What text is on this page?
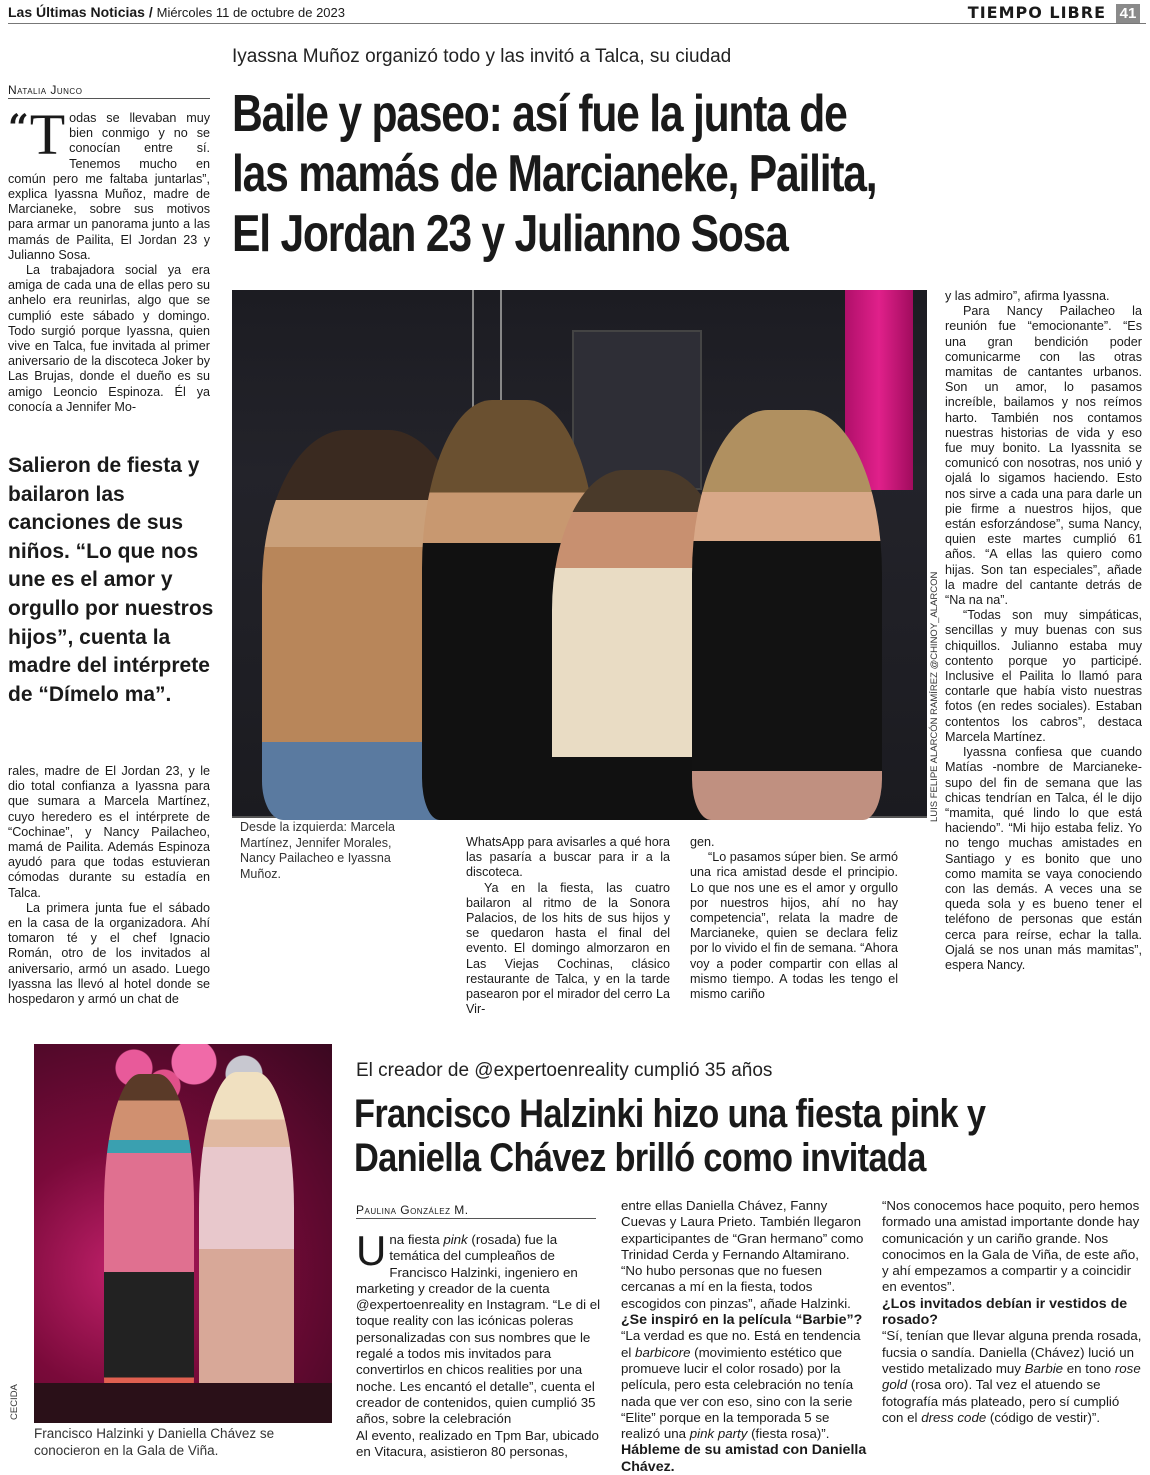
Las Últimas Noticias / Miércoles 11 de octubre de 2023	TIEMPO LIBRE 41
Iyassna Muñoz organizó todo y las invitó a Talca, su ciudad
Baile y paseo: así fue la junta de
las mamás de Marcianeke, Pailita,
El Jordan 23 y Julianno Sosa
Natalia Junco

“ T odas se llevaban muy bien conmigo y no se conocían entre sí. Tenemos mucho en común pero me faltaba juntarlas”, explica Iyassna Muñoz, madre de Marcianeke, sobre sus motivos para armar un panorama junto a las mamás de Pailita, El Jordan 23 y Julianno Sosa.

La trabajadora social ya era amiga de cada una de ellas pero su anhelo era reunirlas, algo que se cumplió este sábado y domingo. Todo surgió porque Iyassna, quien vive en Talca, fue invitada al primer aniversario de la discoteca Joker by Las Brujas, donde el dueño es su amigo Leoncio Espinoza. Él ya conocía a Jennifer Mo-

Salieron de fiesta y bailaron las canciones de sus niños. “Lo que nos une es el amor y orgullo por nuestros hijos”, cuenta la madre del intérprete de “Dímelo ma”.

rales, madre de El Jordan 23, y le dio total confianza a Iyassna para que sumara a Marcela Martínez, cuyo heredero es el intérprete de “Cochinae”, y Nancy Pailacheo, mamá de Pailita. Además Espinoza ayudó para que todas estuvieran cómodas durante su estadía en Talca.

La primera junta fue el sábado en la casa de la organizadora. Ahí tomaron té y el chef Ignacio Román, otro de los invitados al aniversario, armó un asado. Luego Iyassna las llevó al hotel donde se hospedaron y armó un chat de

LUIS FELIPE ALARCÓN RAMÍREZ @CHINOY_ALARCON
Desde la izquierda: Marcela Martínez, Jennifer Morales, Nancy Pailacheo e Iyassna Muñoz.

WhatsApp para avisarles a qué hora las pasaría a buscar para ir a la discoteca.

Ya en la fiesta, las cuatro bailaron al ritmo de la Sonora Palacios, de los hits de sus hijos y se quedaron hasta el final del evento. El domingo almorzaron en Las Viejas Cochinas, clásico restaurante de Talca, y en la tarde pasearon por el mirador del cerro La Vir-

gen.

“Lo pasamos súper bien. Se armó una rica amistad desde el principio. Lo que nos une es el amor y orgullo por nuestros hijos, ahí no hay competencia”, relata la madre de Marcianeke, quien se declara feliz por lo vivido el fin de semana. “Ahora voy a poder compartir con ellas al mismo tiempo. A todas les tengo el mismo cariño

y las admiro”, afirma Iyassna.

Para Nancy Pailacheo la reunión fue “emocionante”. “Es una gran bendición poder comunicarme con las otras mamitas de cantantes urbanos. Son un amor, lo pasamos increíble, bailamos y nos reímos harto. También nos contamos nuestras historias de vida y eso fue muy bonito. La Iyassnita se comunicó con nosotras, nos unió y ojalá lo sigamos haciendo. Esto nos sirve a cada una para darle un pie firme a nuestros hijos, que están esforzándose”, suma Nancy, quien este martes cumplió 61 años. “A ellas las quiero como hijas. Son tan especiales”, añade la madre del cantante detrás de “Na na na”.

“Todas son muy simpáticas, sencillas y muy buenas con sus chiquillos. Julianno estaba muy contento porque yo participé. Inclusive el Pailita lo llamó para contarle que había visto nuestras fotos (en redes sociales). Estaban contentos los cabros”, destaca Marcela Martínez.

Iyassna confiesa que cuando Matías -nombre de Marcianeke- supo del fin de semana que las chicas tendrían en Talca, él le dijo “mamita, qué lindo lo que está haciendo”. “Mi hijo estaba feliz. Yo no tengo muchas amistades en Santiago y es bonito que uno como mamita se vaya conociendo con las demás. A veces una se queda sola y es bueno tener el teléfono de personas que están cerca para reírse, echar la talla. Ojalá se nos unan más mamitas”, espera Nancy.

CECIDA
Francisco Halzinki y Daniella Chávez se conocieron en la Gala de Viña.
El creador de @expertoenreality cumplió 35 años
Francisco Halzinki hizo una fiesta pink y
Daniella Chávez brilló como invitada
Paulina González M.

Una fiesta pink (rosada) fue la temática del cumpleaños de Francisco Halzinki, ingeniero en marketing y creador de la cuenta @expertoenreality en Instagram. “Le di el toque reality con las icónicas poleras personalizadas con sus nombres que le regalé a todos mis invitados para convertirlos en chicos realities por una noche. Les encantó el detalle”, cuenta el creador de contenidos, quien cumplió 35 años, sobre la celebración

Al evento, realizado en Tpm Bar, ubicado en Vitacura, asistieron 80 personas,

entre ellas Daniella Chávez, Fanny Cuevas y Laura Prieto. También llegaron exparticipantes de “Gran hermano” como Trinidad Cerda y Fernando Altamirano. “No hubo personas que no fuesen cercanas a mí en la fiesta, todos escogidos con pinzas”, añade Halzinki.

¿Se inspiró en la película “Barbie”?

“La verdad es que no. Está en tendencia el barbicore (movimiento estético que promueve lucir el color rosado) por la película, pero esta celebración no tenía nada que ver con eso, sino con la serie “Elite” porque en la temporada 5 se realizó una pink party (fiesta rosa)”.

Hábleme de su amistad con Daniella Chávez.

“Nos conocemos hace poquito, pero hemos formado una amistad importante donde hay comunicación y un cariño grande. Nos conocimos en la Gala de Viña, de este año, y ahí empezamos a compartir y a coincidir en eventos”.

¿Los invitados debían ir vestidos de rosado?

“Sí, tenían que llevar alguna prenda rosada, fucsia o sandía. Daniella (Chávez) lució un vestido metalizado muy Barbie en tono rose gold (rosa oro). Tal vez el atuendo se fotografía más plateado, pero sí cumplió con el dress code (código de vestir)”.
